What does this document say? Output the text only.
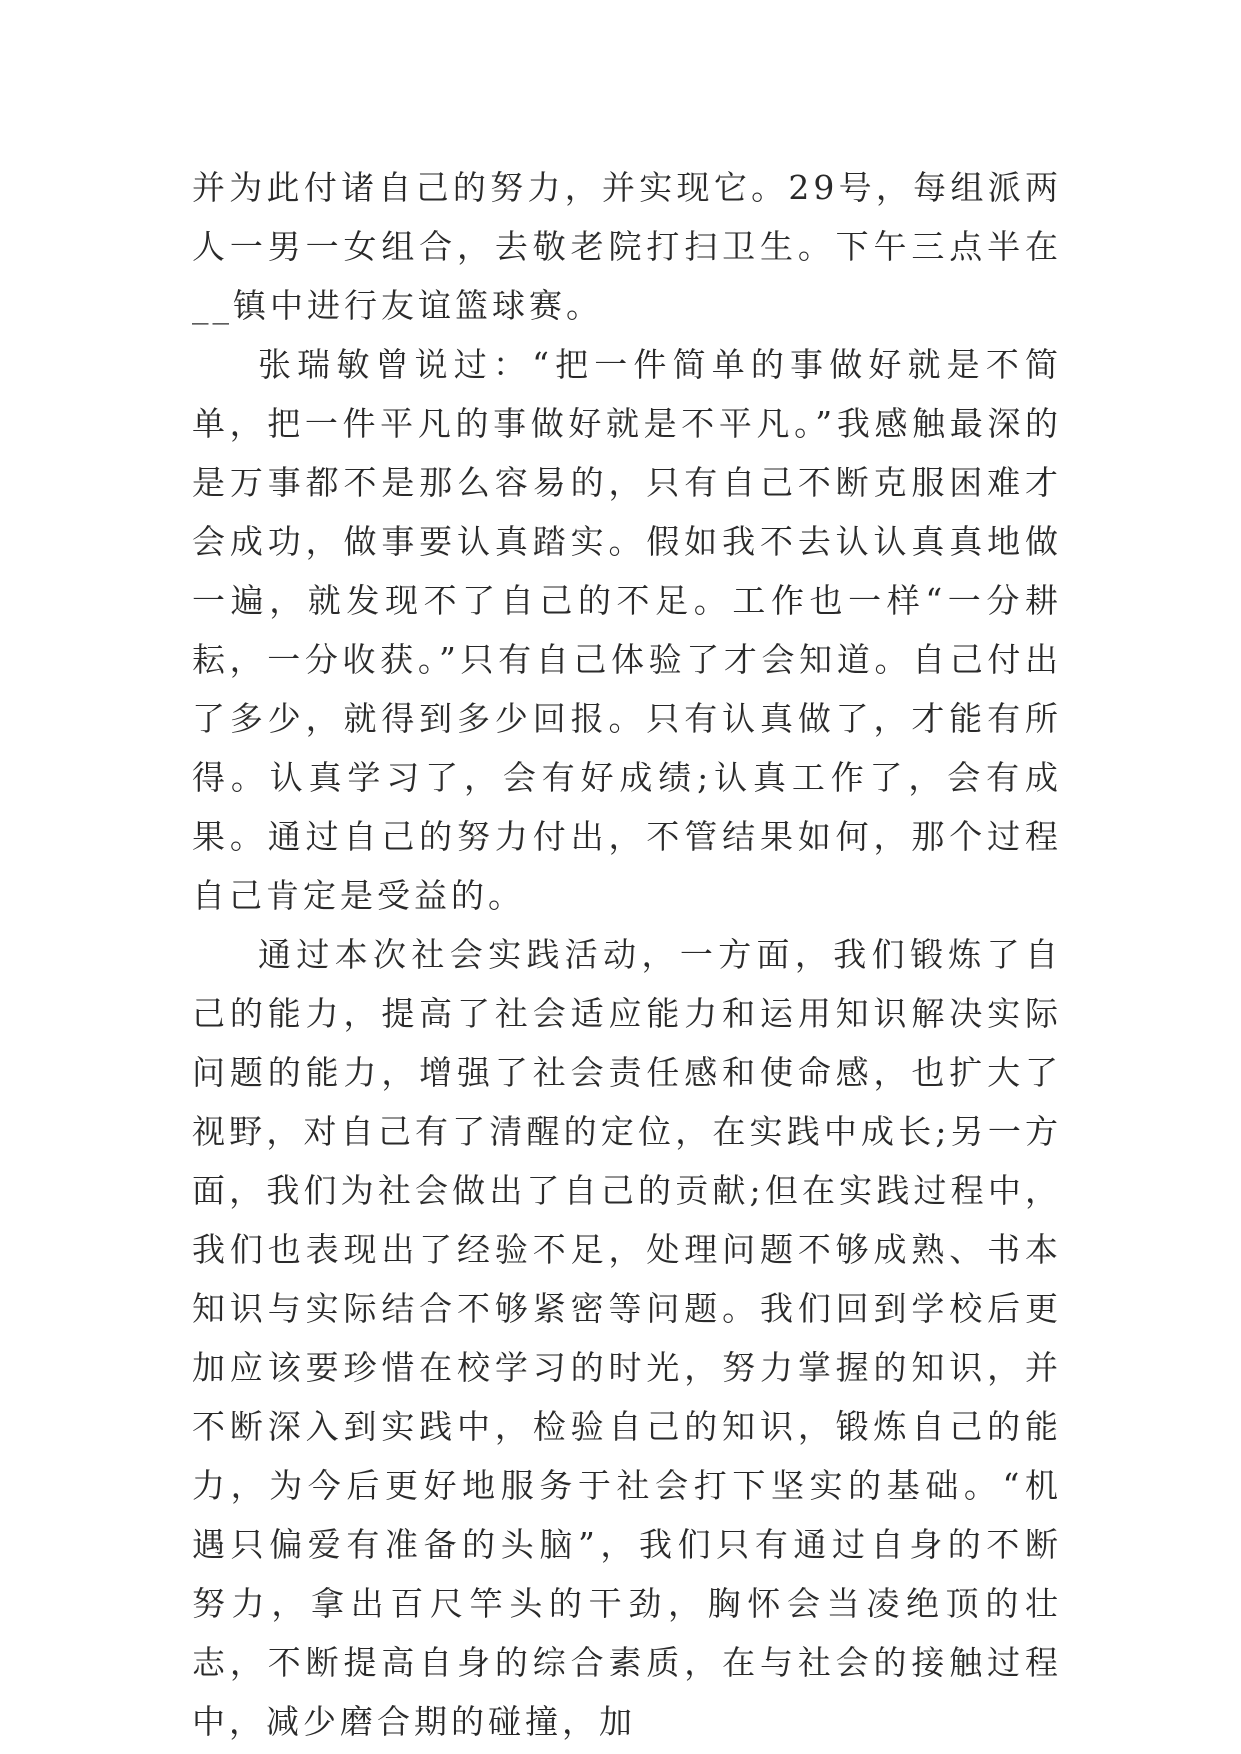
并为此付诸自己的努力，并实现它。29号，每组派两人一男一女组合，去敬老院打扫卫生。下午三点半在__镇中进行友谊篮球赛。

张瑞敏曾说过：“把一件简单的事做好就是不简单，把一件平凡的事做好就是不平凡。”我感触最深的是万事都不是那么容易的，只有自己不断克服困难才会成功，做事要认真踏实。假如我不去认认真真地做一遍，就发现不了自己的不足。工作也一样“一分耕耘，一分收获。”只有自己体验了才会知道。自己付出了多少，就得到多少回报。只有认真做了，才能有所得。认真学习了，会有好成绩;认真工作了，会有成果。通过自己的努力付出，不管结果如何，那个过程自己肯定是受益的。

通过本次社会实践活动，一方面，我们锻炼了自己的能力，提高了社会适应能力和运用知识解决实际问题的能力，增强了社会责任感和使命感，也扩大了视野，对自己有了清醒的定位，在实践中成长;另一方面，我们为社会做出了自己的贡献;但在实践过程中，我们也表现出了经验不足，处理问题不够成熟、书本知识与实际结合不够紧密等问题。我们回到学校后更加应该要珍惜在校学习的时光，努力掌握的知识，并不断深入到实践中，检验自己的知识，锻炼自己的能力，为今后更好地服务于社会打下坚实的基础。“机遇只偏爱有准备的头脑”，我们只有通过自身的不断努力，拿出百尺竿头的干劲，胸怀会当凌绝顶的壮志，不断提高自身的综合素质，在与社会的接触过程中，减少磨合期的碰撞，加
